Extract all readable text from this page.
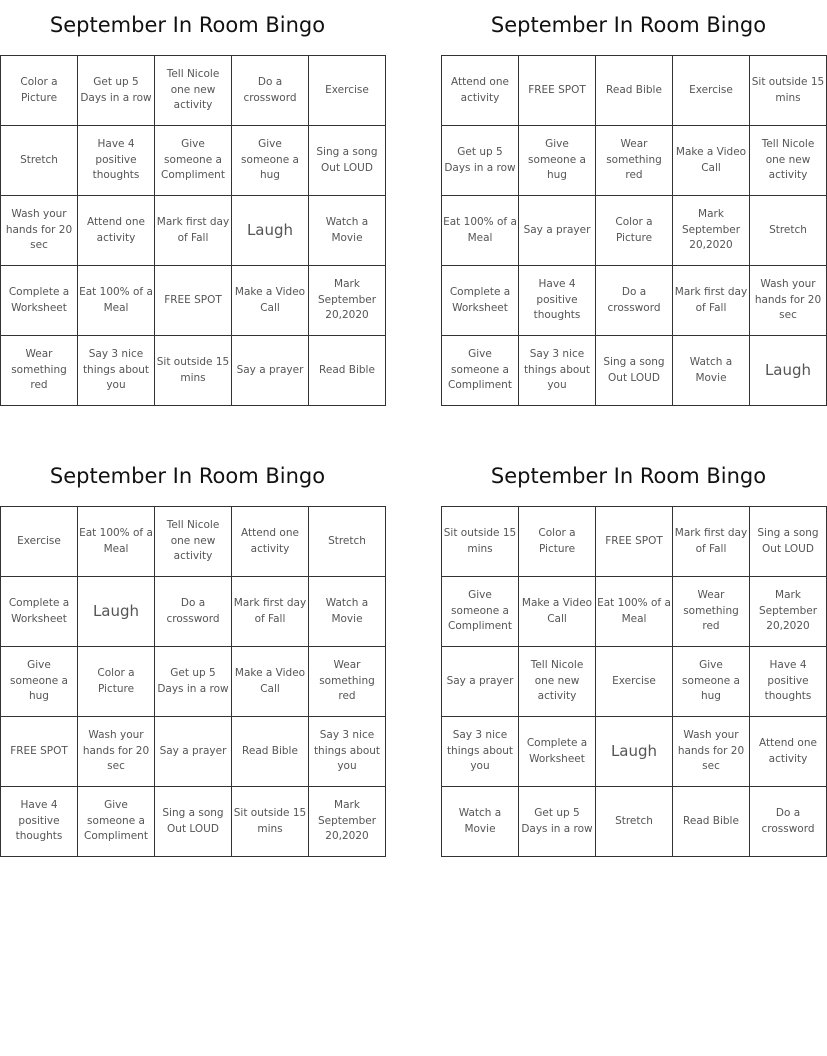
September In Room Bingo
Color a Picture	Get up 5 Days in a row	Tell Nicole one new activity	Do a crossword	Exercise
Stretch	Have 4 positive thoughts	Give someone a Compliment	Give someone a hug	Sing a song Out LOUD
Wash your hands for 20 sec	Attend one activity	Mark first day of Fall	Laugh	Watch a Movie
Complete a Worksheet	Eat 100% of a Meal	FREE SPOT	Make a Video Call	Mark September 20,2020
Wear something red	Say 3 nice things about you	Sit outside 15 mins	Say a prayer	Read Bible
September In Room Bingo
Attend one activity	FREE SPOT	Read Bible	Exercise	Sit outside 15 mins
Get up 5 Days in a row	Give someone a hug	Wear something red	Make a Video Call	Tell Nicole one new activity
Eat 100% of a Meal	Say a prayer	Color a Picture	Mark September 20,2020	Stretch
Complete a Worksheet	Have 4 positive thoughts	Do a crossword	Mark first day of Fall	Wash your hands for 20 sec
Give someone a Compliment	Say 3 nice things about you	Sing a song Out LOUD	Watch a Movie	Laugh
September In Room Bingo
Exercise	Eat 100% of a Meal	Tell Nicole one new activity	Attend one activity	Stretch
Complete a Worksheet	Laugh	Do a crossword	Mark first day of Fall	Watch a Movie
Give someone a hug	Color a Picture	Get up 5 Days in a row	Make a Video Call	Wear something red
FREE SPOT	Wash your hands for 20 sec	Say a prayer	Read Bible	Say 3 nice things about you
Have 4 positive thoughts	Give someone a Compliment	Sing a song Out LOUD	Sit outside 15 mins	Mark September 20,2020
September In Room Bingo
Sit outside 15 mins	Color a Picture	FREE SPOT	Mark first day of Fall	Sing a song Out LOUD
Give someone a Compliment	Make a Video Call	Eat 100% of a Meal	Wear something red	Mark September 20,2020
Say a prayer	Tell Nicole one new activity	Exercise	Give someone a hug	Have 4 positive thoughts
Say 3 nice things about you	Complete a Worksheet	Laugh	Wash your hands for 20 sec	Attend one activity
Watch a Movie	Get up 5 Days in a row	Stretch	Read Bible	Do a crossword
